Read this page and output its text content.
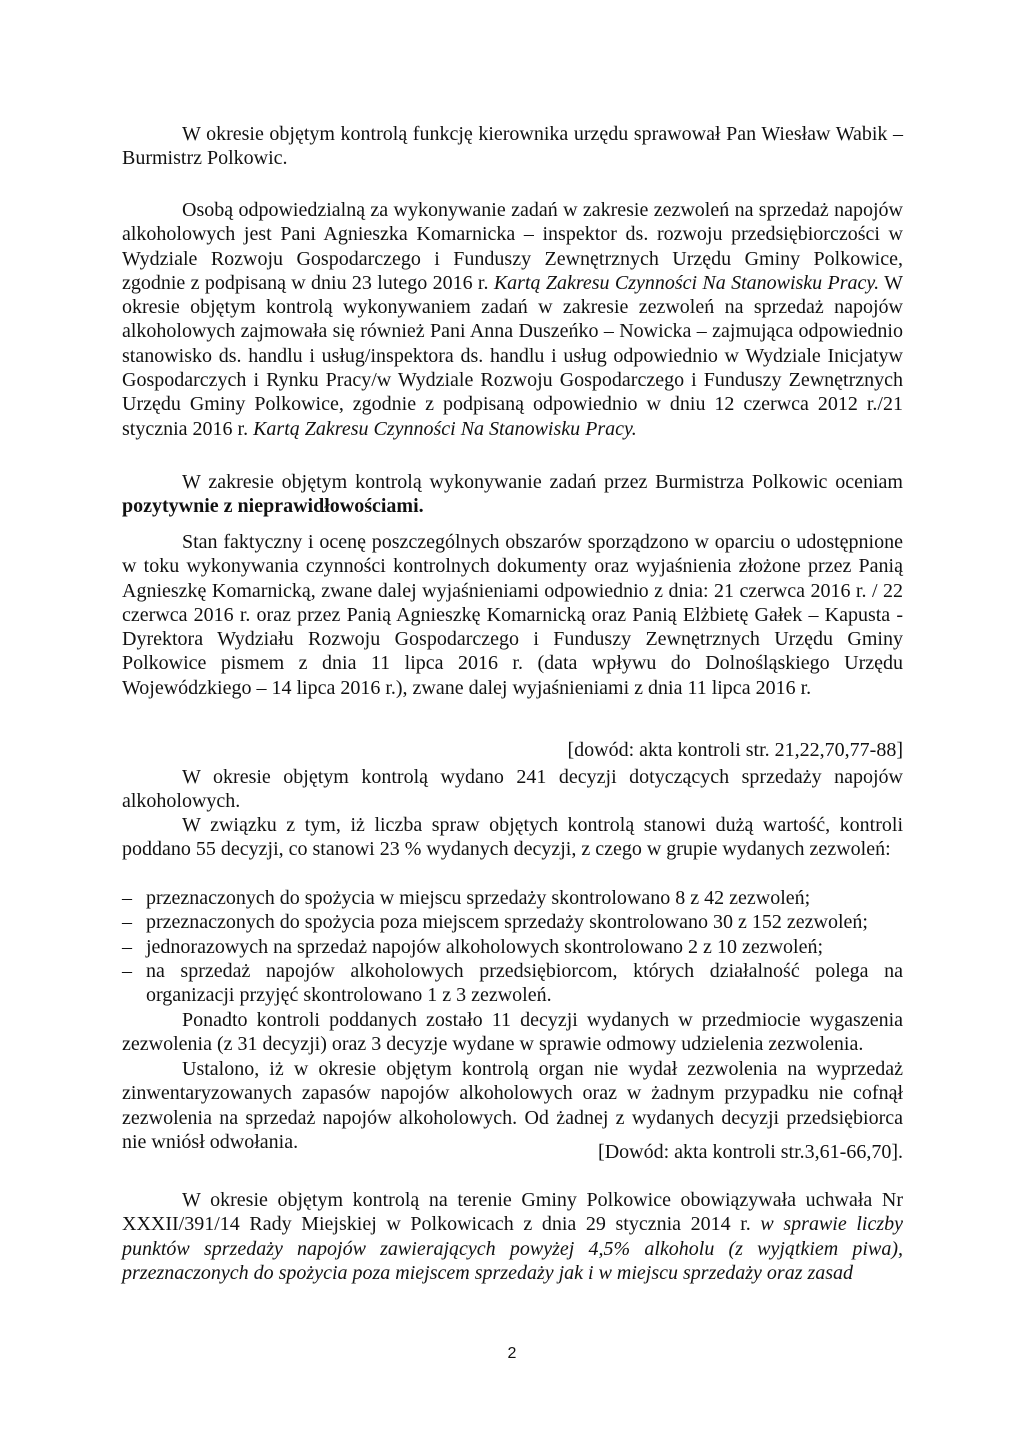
W okresie objętym kontrolą funkcję kierownika urzędu sprawował Pan Wiesław Wabik – Burmistrz Polkowic.

Osobą odpowiedzialną za wykonywanie zadań w zakresie zezwoleń na sprzedaż napojów alkoholowych jest Pani Agnieszka Komarnicka – inspektor ds. rozwoju przedsiębiorczości w Wydziale Rozwoju Gospodarczego i Funduszy Zewnętrznych Urzędu Gminy Polkowice, zgodnie z podpisaną w dniu 23 lutego 2016 r. Kartą Zakresu Czynności Na Stanowisku Pracy. W okresie objętym kontrolą wykonywaniem zadań w zakresie zezwoleń na sprzedaż napojów alkoholowych zajmowała się również Pani Anna Duszeńko – Nowicka – zajmująca odpowiednio stanowisko ds. handlu i usług/inspektora ds. handlu i usług odpowiednio w Wydziale Inicjatyw Gospodarczych i Rynku Pracy/w Wydziale Rozwoju Gospodarczego i Funduszy Zewnętrznych Urzędu Gminy Polkowice, zgodnie z podpisaną odpowiednio w dniu 12 czerwca 2012 r./21 stycznia 2016 r. Kartą Zakresu Czynności Na Stanowisku Pracy.

W zakresie objętym kontrolą wykonywanie zadań przez Burmistrza Polkowic oceniam pozytywnie z nieprawidłowościami.

Stan faktyczny i ocenę poszczególnych obszarów sporządzono w oparciu o udostępnione w toku wykonywania czynności kontrolnych dokumenty oraz wyjaśnienia złożone przez Panią Agnieszkę Komarnicką, zwane dalej wyjaśnieniami odpowiednio z dnia: 21 czerwca 2016 r. / 22 czerwca 2016 r. oraz przez Panią Agnieszkę Komarnicką oraz Panią Elżbietę Gałek – Kapusta - Dyrektora Wydziału Rozwoju Gospodarczego i Funduszy Zewnętrznych Urzędu Gminy Polkowice pismem z dnia 11 lipca 2016 r. (data wpływu do Dolnośląskiego Urzędu Wojewódzkiego – 14 lipca 2016 r.), zwane dalej wyjaśnieniami z dnia 11 lipca 2016 r.

[dowód: akta kontroli str. 21,22,70,77-88]

W okresie objętym kontrolą wydano 241 decyzji dotyczących sprzedaży napojów alkoholowych.

W związku z tym, iż liczba spraw objętych kontrolą stanowi dużą wartość, kontroli poddano 55 decyzji, co stanowi 23 % wydanych decyzji, z czego w grupie wydanych zezwoleń:

– przeznaczonych do spożycia w miejscu sprzedaży skontrolowano 8 z 42 zezwoleń;
– przeznaczonych do spożycia poza miejscem sprzedaży skontrolowano 30 z 152 zezwoleń;
– jednorazowych na sprzedaż napojów alkoholowych skontrolowano 2 z 10 zezwoleń;
– na sprzedaż napojów alkoholowych przedsiębiorcom, których działalność polega na organizacji przyjęć skontrolowano 1 z 3 zezwoleń.

Ponadto kontroli poddanych zostało 11 decyzji wydanych w przedmiocie wygaszenia zezwolenia (z 31 decyzji) oraz 3 decyzje wydane w sprawie odmowy udzielenia zezwolenia.

Ustalono, iż w okresie objętym kontrolą organ nie wydał zezwolenia na wyprzedaż zinwentaryzowanych zapasów napojów alkoholowych oraz w żadnym przypadku nie cofnął zezwolenia na sprzedaż napojów alkoholowych. Od żadnej z wydanych decyzji przedsiębiorca nie wniósł odwołania.	[Dowód: akta kontroli str.3,61-66,70].

W okresie objętym kontrolą na terenie Gminy Polkowice obowiązywała uchwała Nr XXXII/391/14 Rady Miejskiej w Polkowicach z dnia 29 stycznia 2014 r. w sprawie liczby punktów sprzedaży napojów zawierających powyżej 4,5% alkoholu (z wyjątkiem piwa), przeznaczonych do spożycia poza miejscem sprzedaży jak i w miejscu sprzedaży oraz zasad

2
